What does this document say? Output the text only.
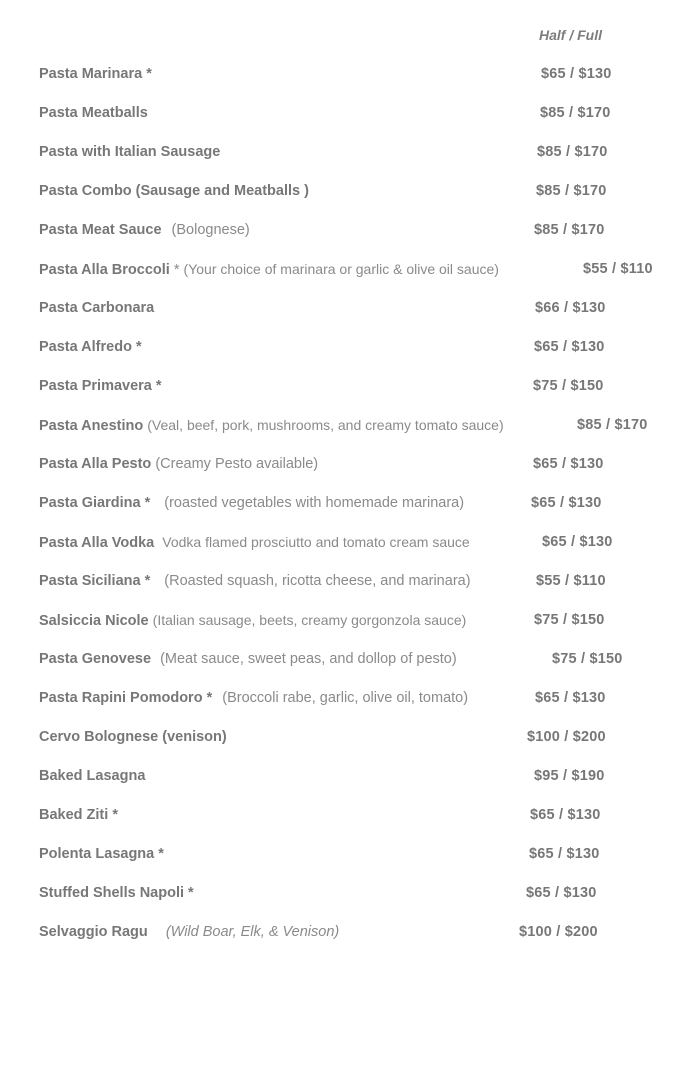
Half / Full
Pasta Marinara *	$65 / $130
Pasta Meatballs	$85 / $170
Pasta with Italian Sausage	$85 / $170
Pasta Combo (Sausage and Meatballs )	$85 / $170
Pasta Meat Sauce (Bolognese)	$85 / $170
Pasta Alla Broccoli * (Your choice of marinara or garlic & olive oil sauce)	$55 / $110
Pasta Carbonara	$66 / $130
Pasta Alfredo *	$65 / $130
Pasta Primavera *	$75 / $150
Pasta Anestino (Veal, beef, pork, mushrooms, and creamy tomato sauce)	$85 / $170
Pasta Alla Pesto (Creamy Pesto available)	$65 / $130
Pasta Giardina * (roasted vegetables with homemade marinara)	$65 / $130
Pasta Alla Vodka Vodka flamed prosciutto and tomato cream sauce	$65 / $130
Pasta Siciliana * (Roasted squash, ricotta cheese, and marinara)	$55 / $110
Salsiccia Nicole (Italian sausage, beets, creamy gorgonzola sauce)	$75 / $150
Pasta Genovese (Meat sauce, sweet peas, and dollop of pesto)	$75 / $150
Pasta Rapini Pomodoro * (Broccoli rabe, garlic, olive oil, tomato)	$65 / $130
Cervo Bolognese (venison)	$100 / $200
Baked Lasagna	$95 / $190
Baked Ziti *	$65 / $130
Polenta Lasagna *	$65 / $130
Stuffed Shells Napoli *	$65 / $130
Selvaggio Ragu (Wild Boar, Elk, & Venison)	$100 / $200
